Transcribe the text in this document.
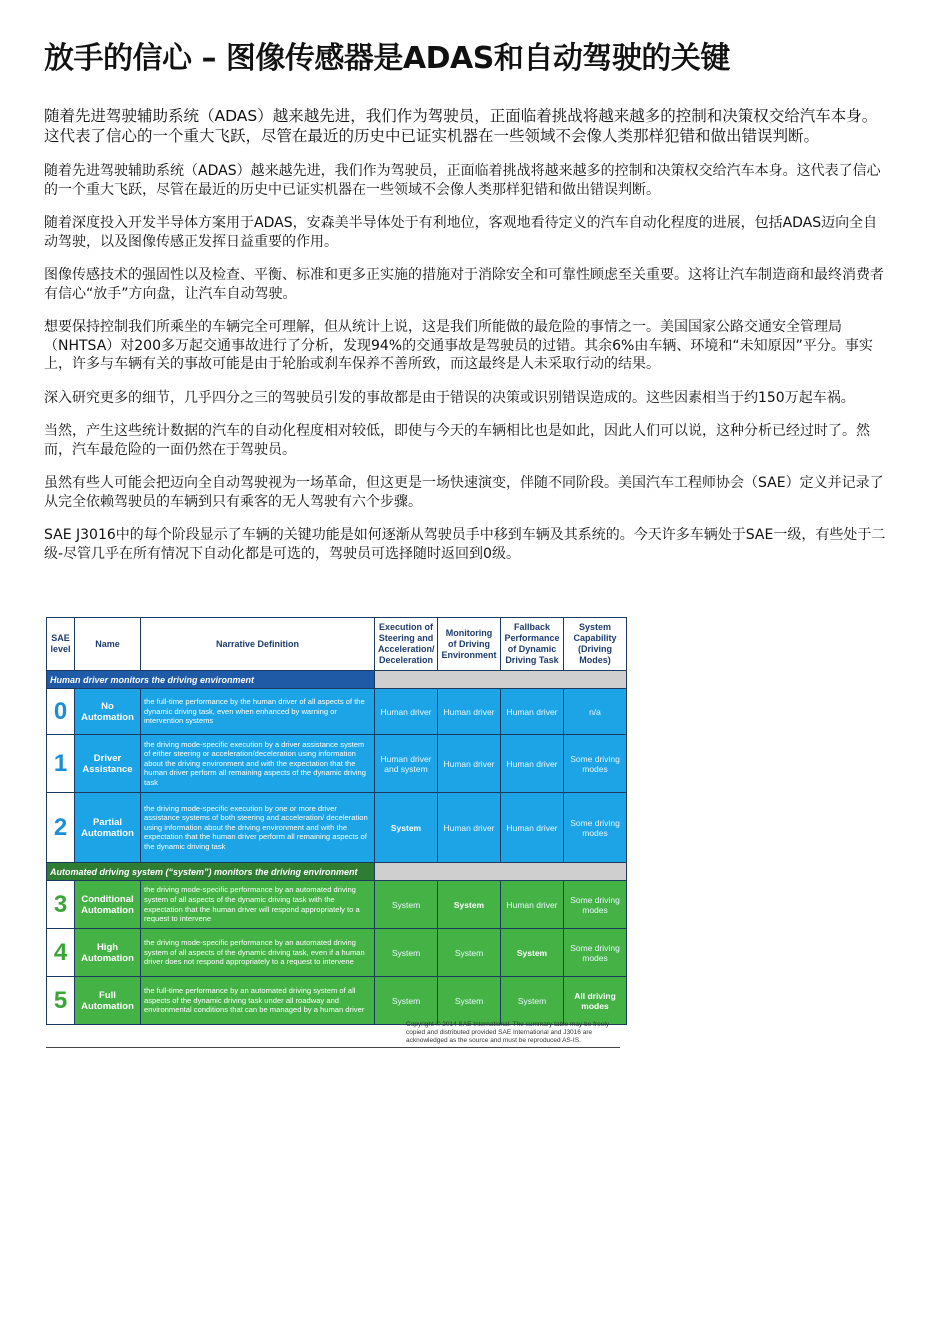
放手的信心 – 图像传感器是ADAS和自动驾驶的关键

随着先进驾驶辅助系统（ADAS）越来越先进，我们作为驾驶员，正面临着挑战将越来越多的控制和决策权交给汽车本身。这代表了信心的一个重大飞跃，尽管在最近的历史中已证实机器在一些领域不会像人类那样犯错和做出错误判断。

随着先进驾驶辅助系统（ADAS）越来越先进，我们作为驾驶员，正面临着挑战将越来越多的控制和决策权交给汽车本身。这代表了信心的一个重大飞跃，尽管在最近的历史中已证实机器在一些领域不会像人类那样犯错和做出错误判断。

随着深度投入开发半导体方案用于ADAS，安森美半导体处于有利地位，客观地看待定义的汽车自动化程度的进展，包括ADAS迈向全自动驾驶，以及图像传感正发挥日益重要的作用。

图像传感技术的强固性以及检查、平衡、标准和更多正实施的措施对于消除安全和可靠性顾虑至关重要。这将让汽车制造商和最终消费者有信心“放手”方向盘，让汽车自动驾驶。

想要保持控制我们所乘坐的车辆完全可理解，但从统计上说，这是我们所能做的最危险的事情之一。美国国家公路交通安全管理局（NHTSA）对200多万起交通事故进行了分析，发现94%的交通事故是驾驶员的过错。其余6%由车辆、环境和“未知原因”平分。事实上，许多与车辆有关的事故可能是由于轮胎或刹车保养不善所致，而这最终是人未采取行动的结果。

深入研究更多的细节，几乎四分之三的驾驶员引发的事故都是由于错误的决策或识别错误造成的。这些因素相当于约150万起车祸。

当然，产生这些统计数据的汽车的自动化程度相对较低，即使与今天的车辆相比也是如此，因此人们可以说，这种分析已经过时了。然而，汽车最危险的一面仍然在于驾驶员。

虽然有些人可能会把迈向全自动驾驶视为一场革命，但这更是一场快速演变，伴随不同阶段。美国汽车工程师协会（SAE）定义并记录了从完全依赖驾驶员的车辆到只有乘客的无人驾驶有六个步骤。

SAE J3016中的每个阶段显示了车辆的关键功能是如何逐渐从驾驶员手中移到车辆及其系统的。今天许多车辆处于SAE一级，有些处于二级-尽管几乎在所有情况下自动化都是可选的，驾驶员可选择随时返回到0级。

SAE level	Name	Narrative Definition	Execution of Steering and Acceleration/ Deceleration	Monitoring of Driving Environment	Fallback Performance of Dynamic Driving Task	System Capability (Driving Modes)
Human driver monitors the driving environment						
0	No Automation	the full-time performance by the human driver of all aspects of the dynamic driving task, even when enhanced by warning or intervention systems	Human driver	Human driver	Human driver	n/a
1	Driver Assistance	the driving mode-specific execution by a driver assistance system of either steering or acceleration/deceleration using information about the driving environment and with the expectation that the human driver perform all remaining aspects of the dynamic driving task	Human driver and system	Human driver	Human driver	Some driving modes
2	Partial Automation	the driving mode-specific execution by one or more driver assistance systems of both steering and acceleration/ deceleration using information about the driving environment and with the expectation that the human driver perform all remaining aspects of the dynamic driving task	System	Human driver	Human driver	Some driving modes
Automated driving system (“system”) monitors the driving environment						
3	Conditional Automation	the driving mode-specific performance by an automated driving system of all aspects of the dynamic driving task with the expectation that the human driver will respond appropriately to a request to intervene	System	System	Human driver	Some driving modes
4	High Automation	the driving mode-specific performance by an automated driving system of all aspects of the dynamic driving task, even if a human driver does not respond appropriately to a request to intervene	System	System	System	Some driving modes
5	Full Automation	the full-time performance by an automated driving system of all aspects of the dynamic driving task under all roadway and environmental conditions that can be managed by a human driver	System	System	System	All driving modes
Copyright © 2014 SAE International. The summary table may be freely copied and distributed provided SAE International and J3016 are acknowledged as the source and must be reproduced AS-IS.
